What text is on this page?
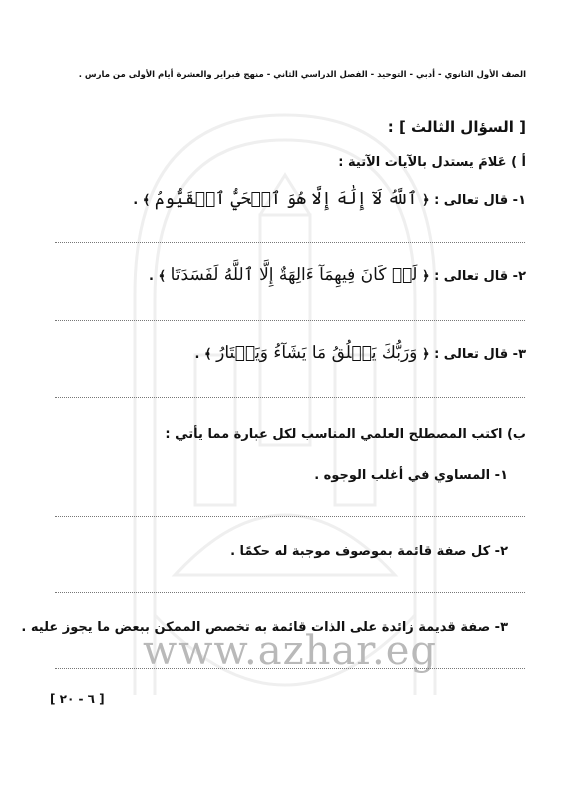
www.azhar.eg
الصف الأول الثانوي - أدبي - التوحيد - الفصل الدراسي الثاني - منهج فبراير والعشرة أيام الأولى من مارس .
[ السؤال الثالث ] :
أ ) عَلامَ يستدل بالآيات الآتية :
١- قال تعالى : ﴿ ٱللَّهُ لَآ إِلَٰهَ إِلَّا هُوَ ٱلۡحَيُّ ٱلۡقَيُّومُ ﴾ .
٢- قال تعالى : ﴿ لَوۡ كَانَ فِيهِمَآ ءَالِهَةٌ إِلَّا ٱللَّهُ لَفَسَدَتَا ﴾ .
٣- قال تعالى : ﴿ وَرَبُّكَ يَخۡلُقُ مَا يَشَآءُ وَيَخۡتَارُ ﴾ .
ب) اكتب المصطلح العلمي المناسب لكل عبارة مما يأتي :
١- المساوي في أغلب الوجوه .
٢- كل صفة قائمة بموصوف موجبة له حكمًا .
٣- صفة قديمة زائدة على الذات قائمة به تخصص الممكن ببعض ما يجوز عليه .
[ ٦ - ٢٠ ]
